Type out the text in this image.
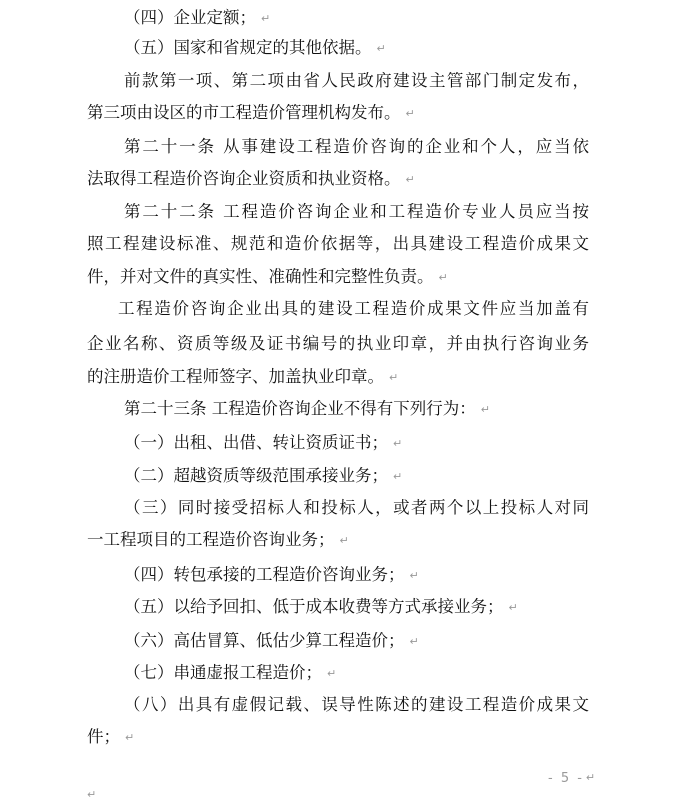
（四）企业定额； ↵
（五）国家和省规定的其他依据。 ↵
前款第一项、第二项由省人民政府建设主管部门制定发布，
第三项由设区的市工程造价管理机构发布。 ↵
第二十一条 从事建设工程造价咨询的企业和个人，应当依
法取得工程造价咨询企业资质和执业资格。 ↵
第二十二条 工程造价咨询企业和工程造价专业人员应当按
照工程建设标准、规范和造价依据等，出具建设工程造价成果文
件，并对文件的真实性、准确性和完整性负责。 ↵
工程造价咨询企业出具的建设工程造价成果文件应当加盖有
企业名称、资质等级及证书编号的执业印章，并由执行咨询业务
的注册造价工程师签字、加盖执业印章。 ↵
第二十三条 工程造价咨询企业不得有下列行为： ↵
（一）出租、出借、转让资质证书； ↵
（二）超越资质等级范围承接业务； ↵
（三）同时接受招标人和投标人，或者两个以上投标人对同
一工程项目的工程造价咨询业务； ↵
（四）转包承接的工程造价咨询业务； ↵
（五）以给予回扣、低于成本收费等方式承接业务； ↵
（六）高估冒算、低估少算工程造价； ↵
（七）串通虚报工程造价； ↵
（八）出具有虚假记载、误导性陈述的建设工程造价成果文
件； ↵
- 5 - ↵
↵
